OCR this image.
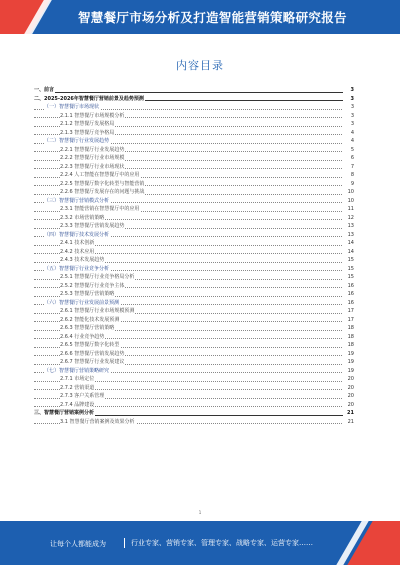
智慧餐厅市场分析及打造智能营销策略研究报告
内容目录
一、前言	3
二、2025-2026年智慧餐厅营销前景及趋势预测	3
（一）智慧餐厅市场现状	3
2.1.1 智慧餐厅市场规模分析	3
2.1.2 智慧餐厅发展格局	3
2.1.3 智慧餐厅竞争格局	4
（二）智慧餐厅行业发展趋势	4
2.2.1 智慧餐厅行业发展趋势	5
2.2.2 智慧餐厅行业市场规模	6
2.2.3 智慧餐厅行业市场现状	7
2.2.4 人工智能在智慧餐厅中的应用	8
2.2.5 智慧餐厅数字化转型与智能营销	9
2.2.6 智慧餐厅发展存在的问题与挑战	10
（三）智慧餐厅营销模式分析	10
2.3.1 智能营销在智慧餐厅中的应用	11
2.3.2 市场营销策略	12
2.3.3 智慧餐厅营销发展趋势	13
（四）智慧餐厅技术发展分析	13
2.4.1 技术创新	14
2.4.2 技术应用	14
2.4.3 技术发展趋势	15
（五）智慧餐厅行业竞争分析	15
2.5.1 智慧餐厅行业竞争格局分析	15
2.5.2 智慧餐厅行业竞争主体	16
2.5.3 智慧餐厅营销策略	16
（六）智慧餐厅行业发展前景预测	16
2.6.1 智慧餐厅行业市场规模预测	17
2.6.2 智能化技术发展预测	17
2.6.3 智慧餐厅营销策略	18
2.6.4 行业竞争趋势	18
2.6.5 智慧餐厅数字化转型	18
2.6.6 智慧餐厅营销发展趋势	19
2.6.7 智慧餐厅行业发展建议	19
（七）智慧餐厅营销策略研究	19
2.7.1 市场定位	20
2.7.2 营销渠道	20
2.7.3 客户关系管理	20
2.7.4 品牌建设	20
三、智慧餐厅营销案例分析	21
3.1 智慧餐厅营销案例及效果分析	21
1
让每个人都能成为	行业专家、营销专家、管理专家、战略专家、运营专家……
